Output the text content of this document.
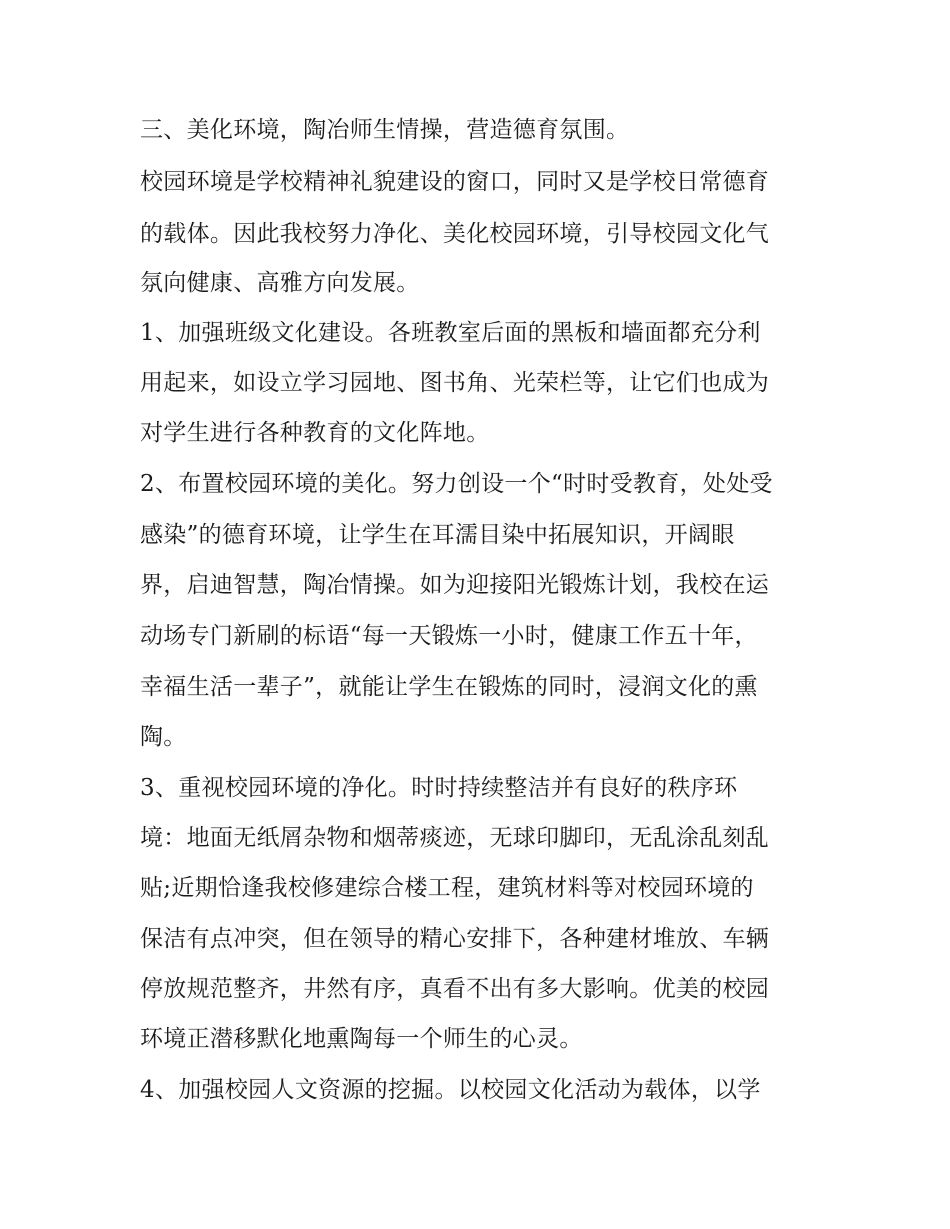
三、美化环境，陶冶师生情操，营造德育氛围。
校园环境是学校精神礼貌建设的窗口，同时又是学校日常德育
的载体。因此我校努力净化、美化校园环境，引导校园文化气
氛向健康、高雅方向发展。
1、加强班级文化建设。各班教室后面的黑板和墙面都充分利
用起来，如设立学习园地、图书角、光荣栏等，让它们也成为
对学生进行各种教育的文化阵地。
2、布置校园环境的美化。努力创设一个“时时受教育，处处受
感染”的德育环境，让学生在耳濡目染中拓展知识，开阔眼
界，启迪智慧，陶冶情操。如为迎接阳光锻炼计划，我校在运
动场专门新刷的标语“每一天锻炼一小时，健康工作五十年，
幸福生活一辈子”，就能让学生在锻炼的同时，浸润文化的熏
陶。
3、重视校园环境的净化。时时持续整洁并有良好的秩序环
境：地面无纸屑杂物和烟蒂痰迹，无球印脚印，无乱涂乱刻乱
贴;近期恰逢我校修建综合楼工程，建筑材料等对校园环境的
保洁有点冲突，但在领导的精心安排下，各种建材堆放、车辆
停放规范整齐，井然有序，真看不出有多大影响。优美的校园
环境正潜移默化地熏陶每一个师生的心灵。
4、加强校园人文资源的挖掘。以校园文化活动为载体，以学
